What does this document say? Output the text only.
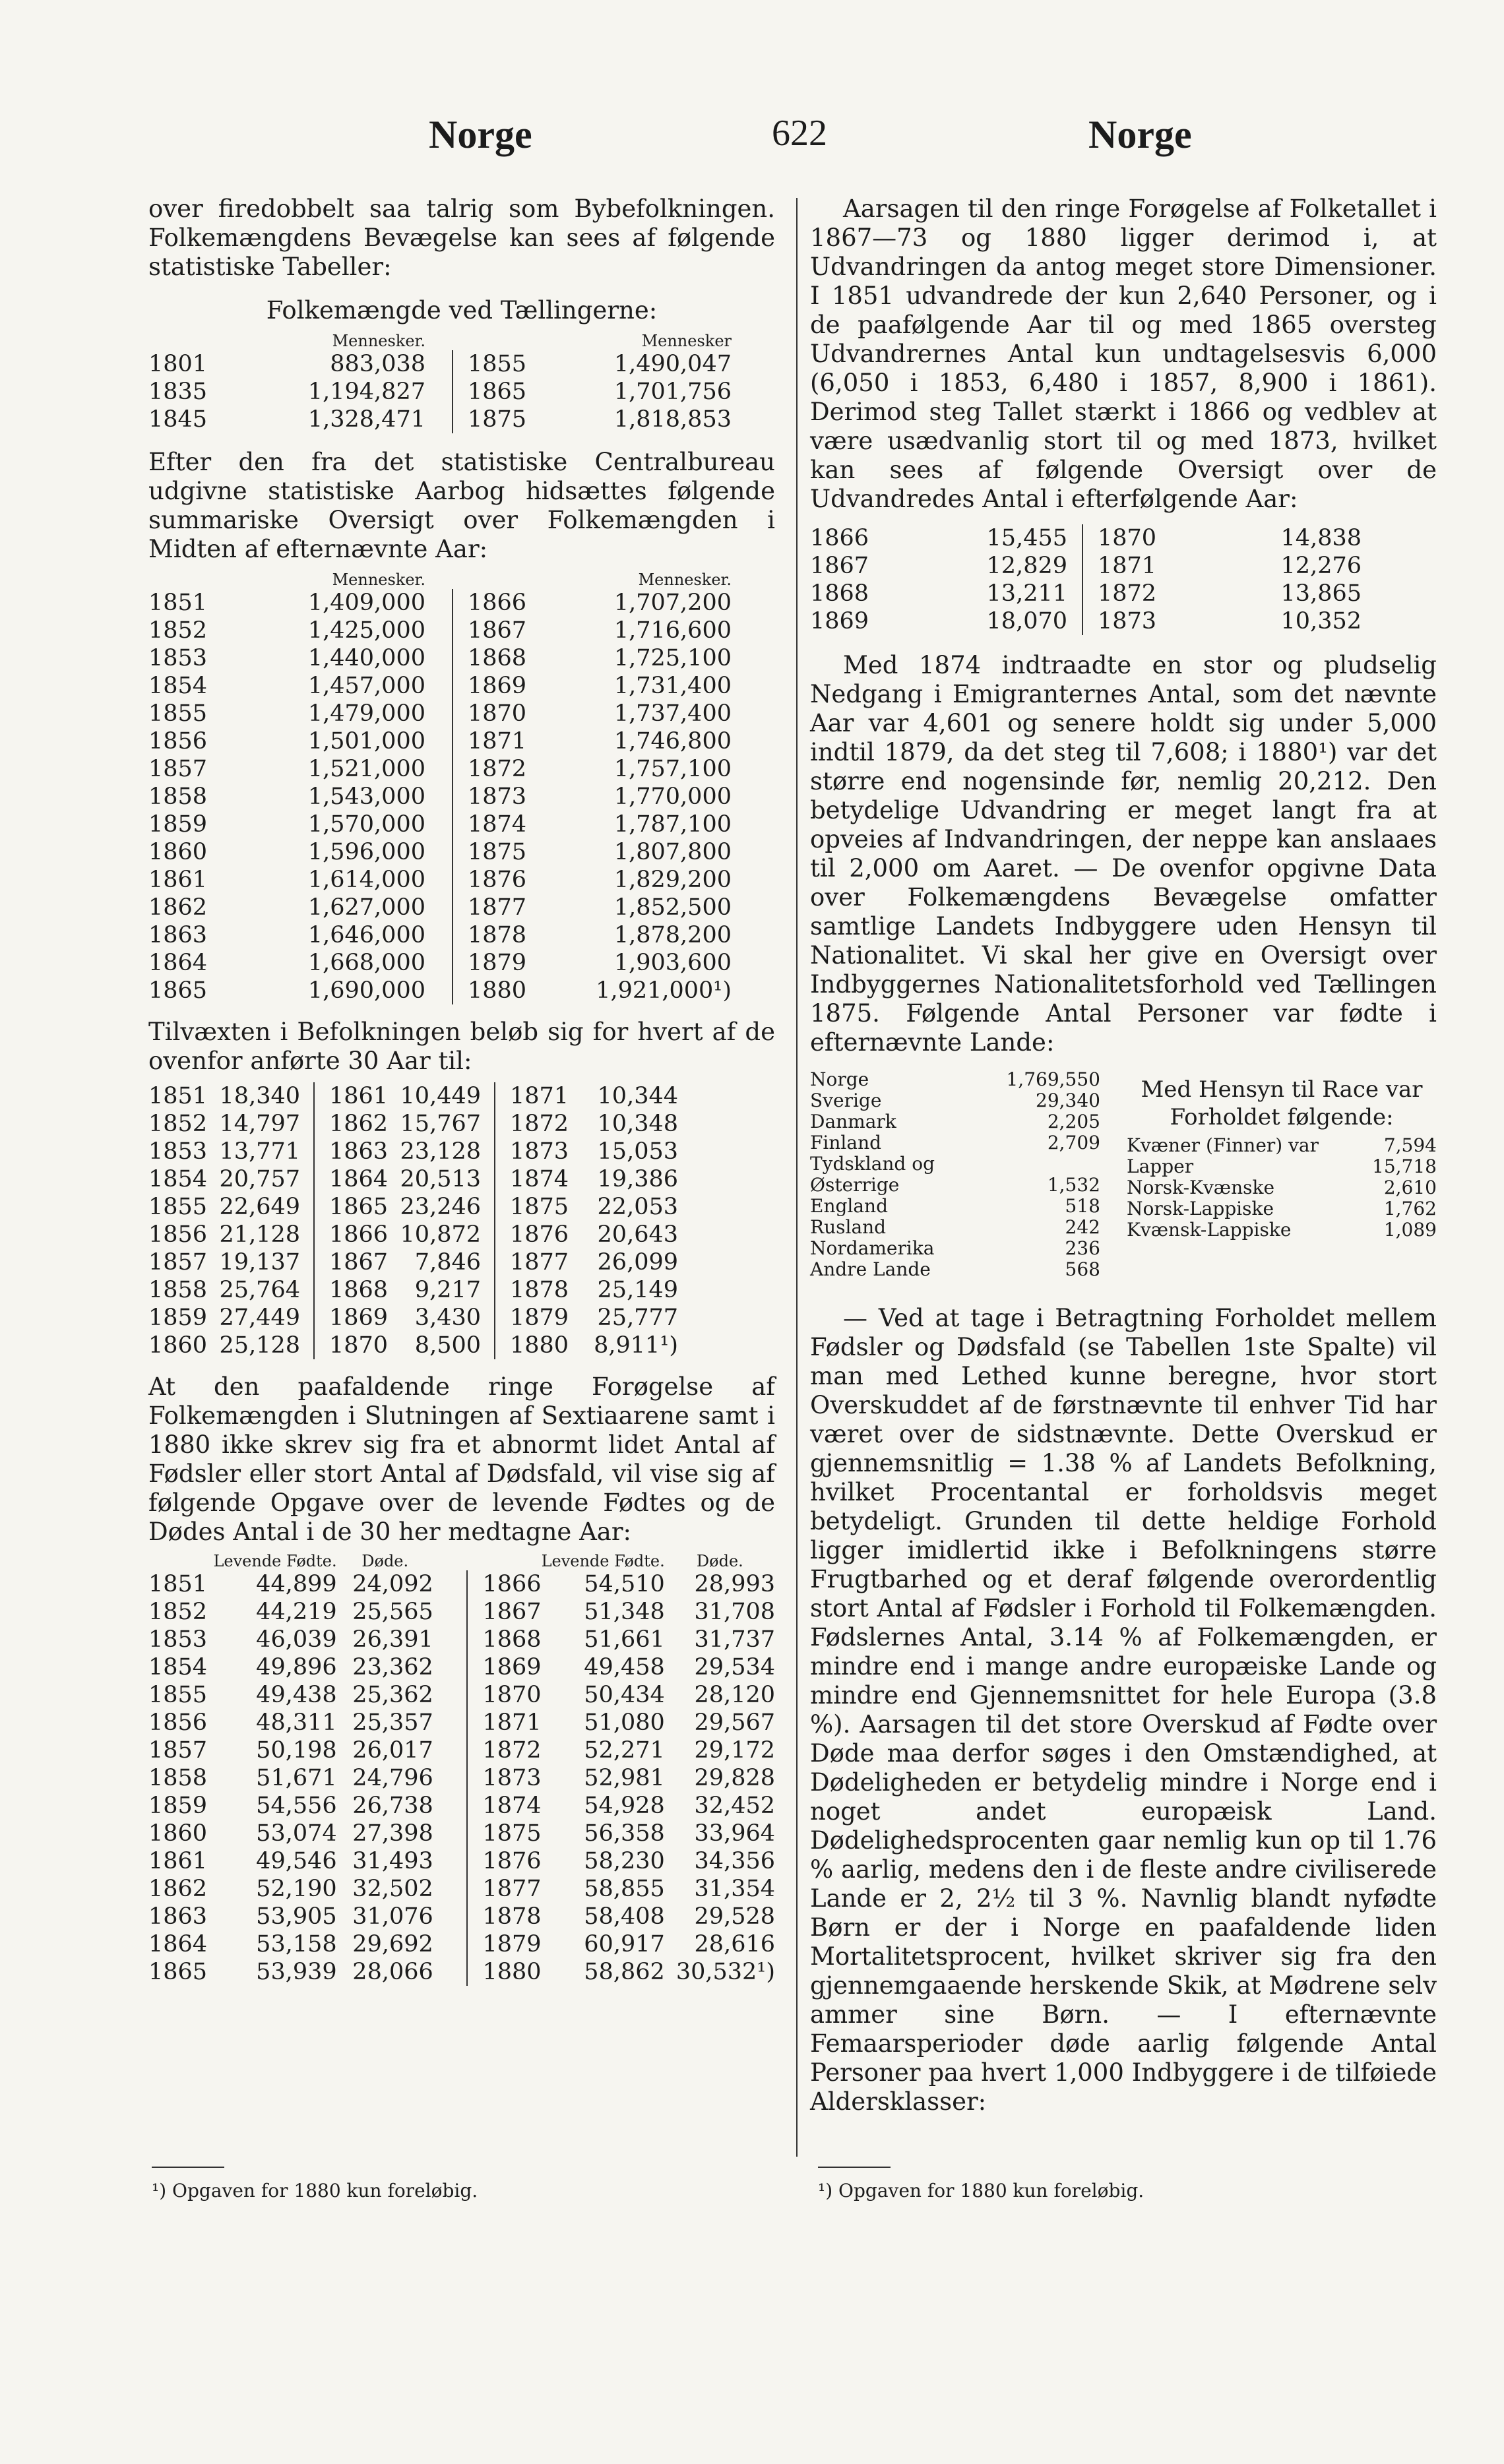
Norge	622	Norge

over firedobbelt saa talrig som Bybefolkningen. Folkemængdens Bevægelse kan sees af følgende statistiske Tabeller:

Folkemængde ved Tællingerne:

	Mennesker.			Mennesker
1801	883,038		1855	1,490,047
1835	1,194,827		1865	1,701,756
1845	1,328,471		1875	1,818,853

Efter den fra det statistiske Centralbureau udgivne statistiske Aarbog hidsættes følgende summariske Oversigt over Folkemængden i Midten af efternævnte Aar:

	Mennesker.			Mennesker.
1851	1,409,000		1866	1,707,200
1852	1,425,000		1867	1,716,600
1853	1,440,000		1868	1,725,100
1854	1,457,000		1869	1,731,400
1855	1,479,000		1870	1,737,400
1856	1,501,000		1871	1,746,800
1857	1,521,000		1872	1,757,100
1858	1,543,000		1873	1,770,000
1859	1,570,000		1874	1,787,100
1860	1,596,000		1875	1,807,800
1861	1,614,000		1876	1,829,200
1862	1,627,000		1877	1,852,500
1863	1,646,000		1878	1,878,200
1864	1,668,000		1879	1,903,600
1865	1,690,000		1880	1,921,000¹)

Tilvæxten i Befolkningen beløb sig for hvert af de ovenfor anførte 30 Aar til:

1851	18,340	1861	10,449	1871	10,344
1852	14,797	1862	15,767	1872	10,348
1853	13,771	1863	23,128	1873	15,053
1854	20,757	1864	20,513	1874	19,386
1855	22,649	1865	23,246	1875	22,053
1856	21,128	1866	10,872	1876	20,643
1857	19,137	1867	7,846	1877	26,099
1858	25,764	1868	9,217	1878	25,149
1859	27,449	1869	3,430	1879	25,777
1860	25,128	1870	8,500	1880	8,911¹)

At den paafaldende ringe Forøgelse af Folkemængden i Slutningen af Sextiaarene samt i 1880 ikke skrev sig fra et abnormt lidet Antal af Fødsler eller stort Antal af Dødsfald, vil vise sig af følgende Opgave over de levende Fødtes og de Dødes Antal i de 30 her medtagne Aar:

	Levende Fødte.	Døde.			Levende Fødte.	Døde.
1851	44,899	24,092		1866	54,510	28,993
1852	44,219	25,565		1867	51,348	31,708
1853	46,039	26,391		1868	51,661	31,737
1854	49,896	23,362		1869	49,458	29,534
1855	49,438	25,362		1870	50,434	28,120
1856	48,311	25,357		1871	51,080	29,567
1857	50,198	26,017		1872	52,271	29,172
1858	51,671	24,796		1873	52,981	29,828
1859	54,556	26,738		1874	54,928	32,452
1860	53,074	27,398		1875	56,358	33,964
1861	49,546	31,493		1876	58,230	34,356
1862	52,190	32,502		1877	58,855	31,354
1863	53,905	31,076		1878	58,408	29,528
1864	53,158	29,692		1879	60,917	28,616
1865	53,939	28,066		1880	58,862	30,532¹)
¹) Opgaven for 1880 kun foreløbig.

Aarsagen til den ringe Forøgelse af Folketallet i 1867—73 og 1880 ligger derimod i, at Udvandringen da antog meget store Dimensioner. I 1851 udvandrede der kun 2,640 Personer, og i de paafølgende Aar til og med 1865 oversteg Udvandrernes Antal kun undtagelsesvis 6,000 (6,050 i 1853, 6,480 i 1857, 8,900 i 1861). Derimod steg Tallet stærkt i 1866 og vedblev at være usædvanlig stort til og med 1873, hvilket kan sees af følgende Oversigt over de Udvandredes Antal i efterfølgende Aar:

1866	15,455	1870	14,838
1867	12,829	1871	12,276
1868	13,211	1872	13,865
1869	18,070	1873	10,352

Med 1874 indtraadte en stor og pludselig Nedgang i Emigranternes Antal, som det nævnte Aar var 4,601 og senere holdt sig under 5,000 indtil 1879, da det steg til 7,608; i 1880¹) var det større end nogensinde før, nemlig 20,212. Den betydelige Udvandring er meget langt fra at opveies af Indvandringen, der neppe kan anslaaes til 2,000 om Aaret. — De ovenfor opgivne Data over Folkemængdens Bevægelse omfatter samtlige Landets Indbyggere uden Hensyn til Nationalitet. Vi skal her give en Oversigt over Indbyggernes Nationalitetsforhold ved Tællingen 1875. Følgende Antal Personer var fødte i efternævnte Lande:

Norge	1,769,550
Sverige	29,340
Danmark	2,205
Finland	2,709
Tydskland og	
Østerrige	1,532
England	518
Rusland	242
Nordamerika	236
Andre Lande	568

Med Hensyn til Race var Forholdet følgende:

Kvæner (Finner) var	7,594
Lapper	15,718
Norsk-Kvænske	2,610
Norsk-Lappiske	1,762
Kvænsk-Lappiske	1,089

— Ved at tage i Betragtning Forholdet mellem Fødsler og Dødsfald (se Tabellen 1ste Spalte) vil man med Lethed kunne beregne, hvor stort Overskuddet af de førstnævnte til enhver Tid har været over de sidstnævnte. Dette Overskud er gjennemsnitlig = 1.38 % af Landets Befolkning, hvilket Procentantal er forholdsvis meget betydeligt. Grunden til dette heldige Forhold ligger imidlertid ikke i Befolkningens større Frugtbarhed og et deraf følgende overordentlig stort Antal af Fødsler i Forhold til Folkemængden. Fødslernes Antal, 3.14 % af Folkemængden, er mindre end i mange andre europæiske Lande og mindre end Gjennemsnittet for hele Europa (3.8 %). Aarsagen til det store Overskud af Fødte over Døde maa derfor søges i den Omstændighed, at Dødeligheden er betydelig mindre i Norge end i noget andet europæisk Land. Dødelighedsprocenten gaar nemlig kun op til 1.76 % aarlig, medens den i de fleste andre civiliserede Lande er 2, 2½ til 3 %. Navnlig blandt nyfødte Børn er der i Norge en paafaldende liden Mortalitetsprocent, hvilket skriver sig fra den gjennemgaaende herskende Skik, at Mødrene selv ammer sine Børn. — I efternævnte Femaarsperioder døde aarlig følgende Antal Personer paa hvert 1,000 Indbyggere i de tilføiede Aldersklasser:

¹) Opgaven for 1880 kun foreløbig.
